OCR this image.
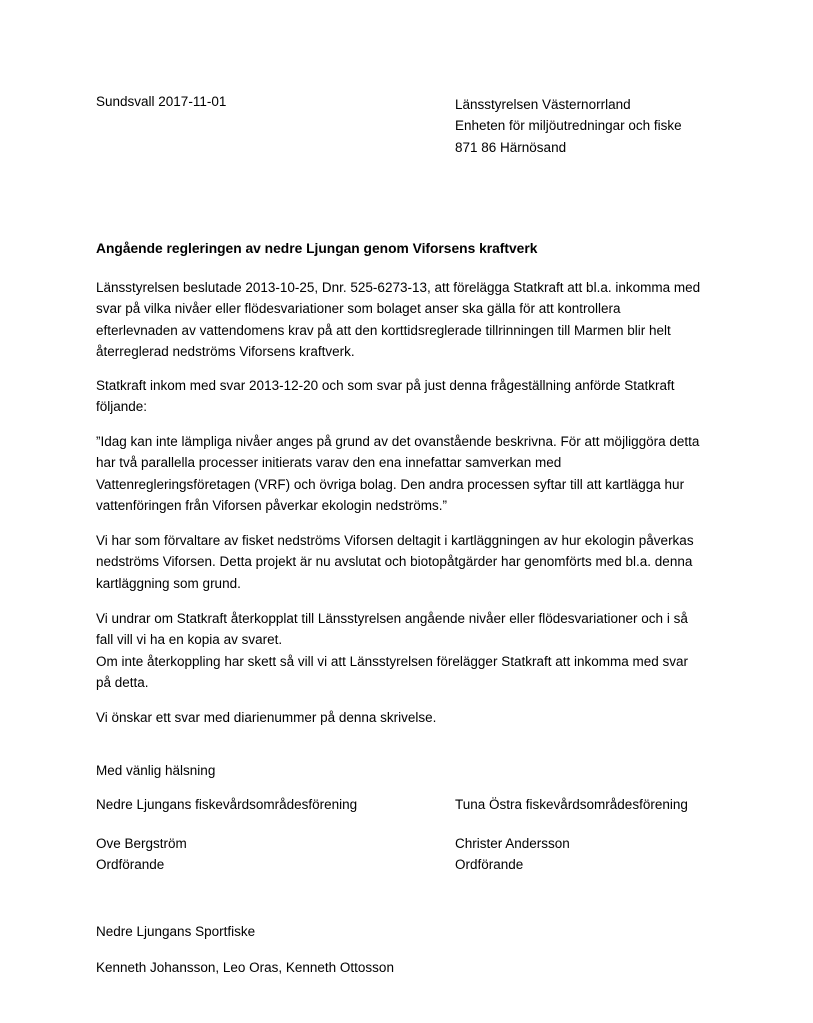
Sundsvall 2017-11-01	Länsstyrelsen Västernorrland
Enheten för miljöutredningar och fiske
871 86 Härnösand
Angående regleringen av nedre Ljungan genom Viforsens kraftverk
Länsstyrelsen beslutade 2013-10-25, Dnr. 525-6273-13, att förelägga Statkraft att bl.a. inkomma med
svar på vilka nivåer eller flödesvariationer som bolaget anser ska gälla för att kontrollera
efterlevnaden av vattendomens krav på att den korttidsreglerade tillrinningen till Marmen blir helt
återreglerad nedströms Viforsens kraftverk.
Statkraft inkom med svar 2013-12-20 och som svar på just denna frågeställning anförde Statkraft
följande:
”Idag kan inte lämpliga nivåer anges på grund av det ovanstående beskrivna. För att möjliggöra detta
har två parallella processer initierats varav den ena innefattar samverkan med
Vattenregleringsföretagen (VRF) och övriga bolag. Den andra processen syftar till att kartlägga hur
vattenföringen från Viforsen påverkar ekologin nedströms.”
Vi har som förvaltare av fisket nedströms Viforsen deltagit i kartläggningen av hur ekologin påverkas
nedströms Viforsen. Detta projekt är nu avslutat och biotopåtgärder har genomförts med bl.a. denna
kartläggning som grund.
Vi undrar om Statkraft återkopplat till Länsstyrelsen angående nivåer eller flödesvariationer och i så
fall vill vi ha en kopia av svaret.
Om inte återkoppling har skett så vill vi att Länsstyrelsen förelägger Statkraft att inkomma med svar
på detta.
Vi önskar ett svar med diarienummer på denna skrivelse.
Med vänlig hälsning
Nedre Ljungans fiskevårdsområdesförening	Tuna Östra fiskevårdsområdesförening
Ove Bergström
Ordförande
Christer Andersson
Ordförande
Nedre Ljungans Sportfiske
Kenneth Johansson, Leo Oras, Kenneth Ottosson
